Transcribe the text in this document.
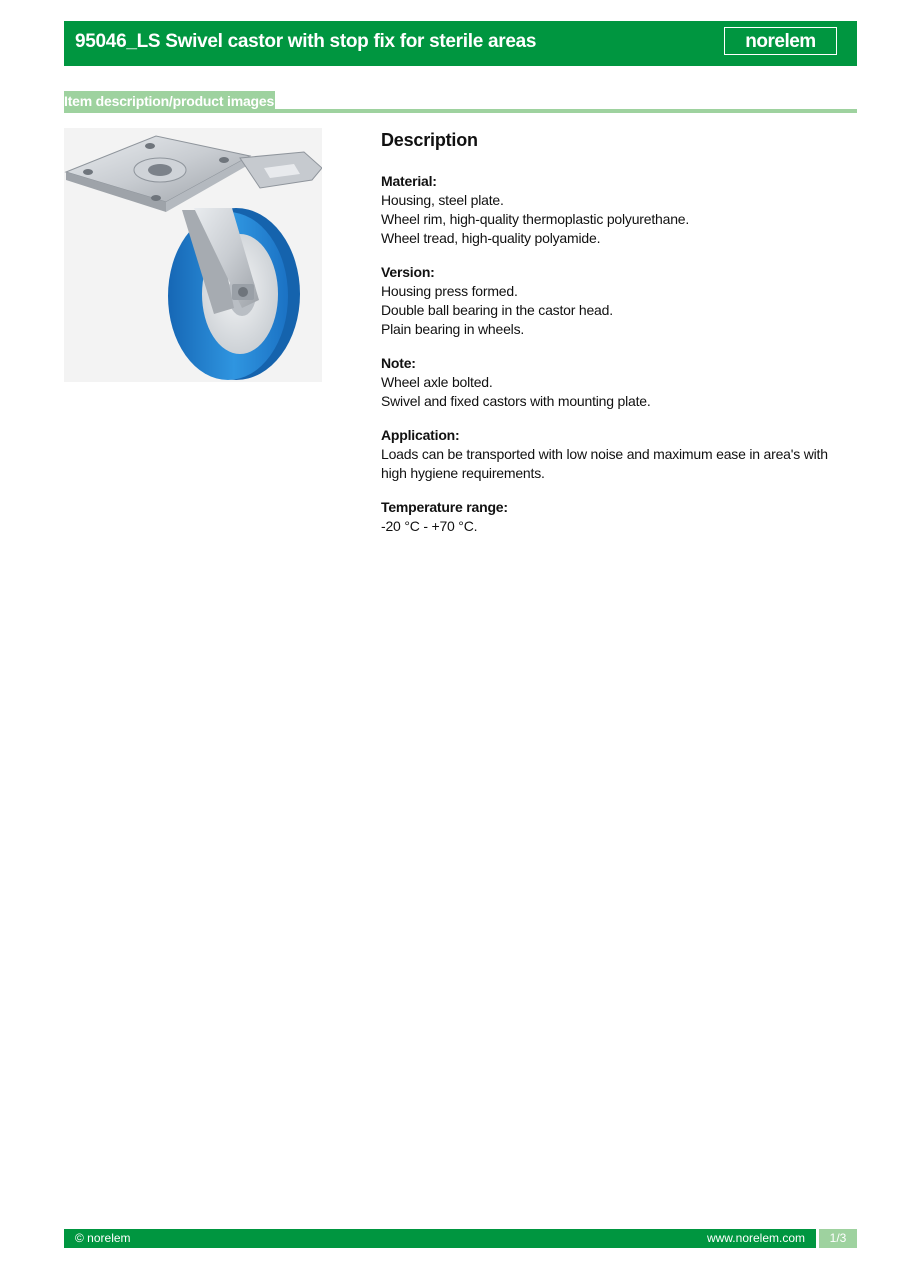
95046_LS Swivel castor with stop fix for sterile areas	norelem
Item description/product images
Description
Material:
Housing, steel plate.
Wheel rim, high-quality thermoplastic polyurethane.
Wheel tread, high-quality polyamide.
Version:
Housing press formed.
Double ball bearing in the castor head.
Plain bearing in wheels.
Note:
Wheel axle bolted.
Swivel and fixed castors with mounting plate.
Application:
Loads can be transported with low noise and maximum ease in area's with high hygiene requirements.
Temperature range:
-20 °C - +70 °C.
© norelem	www.norelem.com	1/3
